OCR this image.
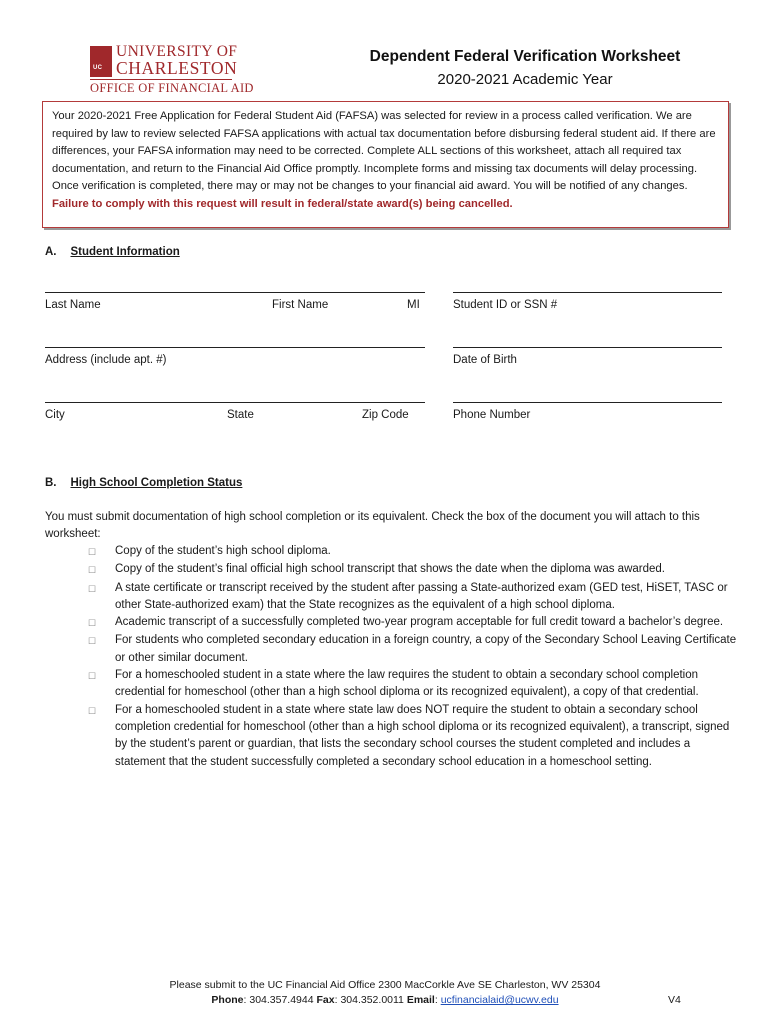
UC
UNIVERSITY OF
CHARLESTON
OFFICE OF FINANCIAL AID
Dependent Federal Verification Worksheet
2020-2021 Academic Year
Your 2020-2021 Free Application for Federal Student Aid (FAFSA) was selected for review in a process called verification. We are required by law to review selected FAFSA applications with actual tax documentation before disbursing federal student aid. If there are differences, your FAFSA information may need to be corrected. Complete ALL sections of this worksheet, attach all required tax documentation, and return to the Financial Aid Office promptly. Incomplete forms and missing tax documents will delay processing. Once verification is completed, there may or may not be changes to your financial aid award. You will be notified of any changes. Failure to comply with this request will result in federal/state award(s) being cancelled.
A. Student Information
Last Name	First Name	MI	Student ID or SSN #
Address (include apt. #)	Date of Birth
City	State	Zip Code	Phone Number
B. High School Completion Status
You must submit documentation of high school completion or its equivalent. Check the box of the document you will attach to this worksheet:
☐	Copy of the student’s high school diploma.
☐	Copy of the student’s final official high school transcript that shows the date when the diploma was awarded.
☐	A state certificate or transcript received by the student after passing a State-authorized exam (GED test, HiSET, TASC or other State-authorized exam) that the State recognizes as the equivalent of a high school diploma.
☐	Academic transcript of a successfully completed two-year program acceptable for full credit toward a bachelor’s degree.
☐	For students who completed secondary education in a foreign country, a copy of the Secondary School Leaving Certificate or other similar document.
☐	For a homeschooled student in a state where the law requires the student to obtain a secondary school completion credential for homeschool (other than a high school diploma or its recognized equivalent), a copy of that credential.
☐	For a homeschooled student in a state where state law does NOT require the student to obtain a secondary school completion credential for homeschool (other than a high school diploma or its recognized equivalent), a transcript, signed by the student’s parent or guardian, that lists the secondary school courses the student completed and includes a statement that the student successfully completed a secondary school education in a homeschool setting.
Please submit to the UC Financial Aid Office 2300 MacCorkle Ave SE Charleston, WV 25304
Phone: 304.357.4944 Fax: 304.352.0011 Email: ucfinancialaid@ucwv.edu	V4
